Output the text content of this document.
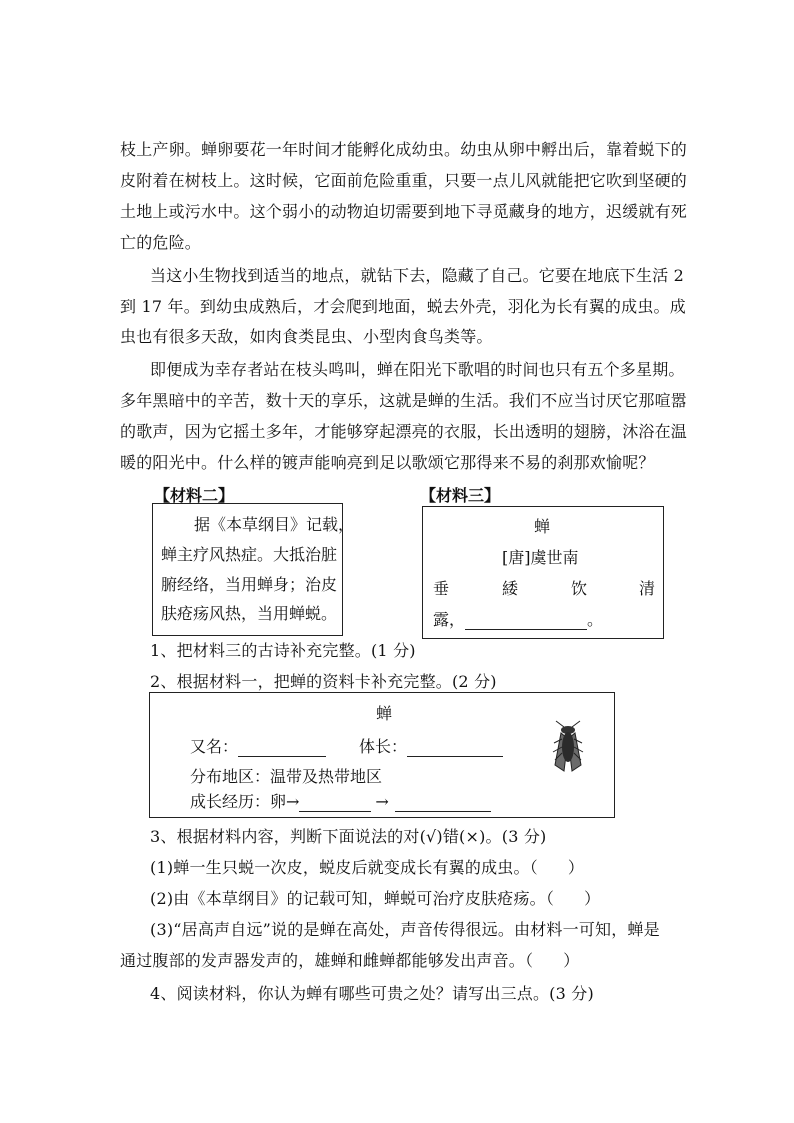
枝上产卵。蝉卵要花一年时间才能孵化成幼虫。幼虫从卵中孵出后，靠着蜕下的
皮附着在树枝上。这时候，它面前危险重重，只要一点儿风就能把它吹到坚硬的
土地上或污水中。这个弱小的动物迫切需要到地下寻觅藏身的地方，迟缓就有死
亡的危险。
当这小生物找到适当的地点，就钻下去，隐藏了自己。它要在地底下生活 2
到 17 年。到幼虫成熟后，才会爬到地面，蜕去外壳，羽化为长有翼的成虫。成
虫也有很多天敌，如肉食类昆虫、小型肉食鸟类等。
即便成为幸存者站在枝头鸣叫，蝉在阳光下歌唱的时间也只有五个多星期。
多年黑暗中的辛苦，数十天的享乐，这就是蝉的生活。我们不应当讨厌它那喧嚣
的歌声，因为它摇土多年，才能够穿起漂亮的衣服，长出透明的翅膀，沐浴在温
暖的阳光中。什么样的镀声能响亮到足以歌颂它那得来不易的刹那欢愉呢？
【材料二】	【材料三】
据《本草纲目》记载，
蝉主疗风热症。大抵治脏
腑经络，当用蝉身；治皮
肤疮疡风热，当用蝉蜕。
蝉
[唐]虞世南
垂	緌	饮	清
露，	。
1、把材料三的古诗补充完整。(1 分)
2、根据材料一，把蝉的资料卡补充完整。(2 分)
蝉
又名：	体长：
分布地区：温带及热带地区
成长经历：卵→	→
3、根据材料内容，判断下面说法的对(√)错(×)。(3 分)
(1)蝉一生只蜕一次皮，蜕皮后就变成长有翼的成虫。（ ）
(2)由《本草纲目》的记载可知，蝉蜕可治疗皮肤疮疡。（ ）
(3)“居高声自远”说的是蝉在高处，声音传得很远。由材料一可知，蝉是
通过腹部的发声器发声的，雄蝉和雌蝉都能够发出声音。（ ）
4、阅读材料，你认为蝉有哪些可贵之处？请写出三点。(3 分)
